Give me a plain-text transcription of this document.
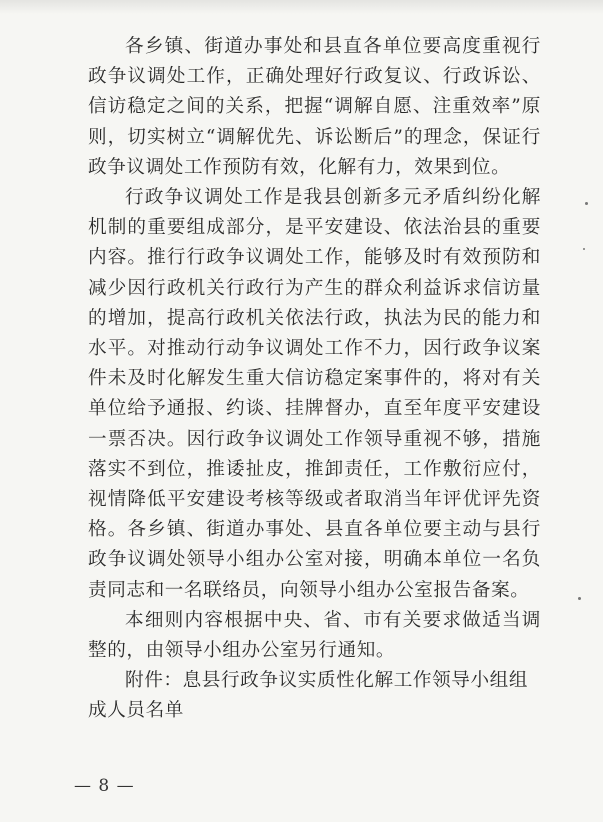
各乡镇、街道办事处和县直各单位要高度重视行政争议调处工作，正确处理好行政复议、行政诉讼、信访稳定之间的关系，把握“调解自愿、注重效率”原则，切实树立“调解优先、诉讼断后”的理念，保证行政争议调处工作预防有效，化解有力，效果到位。

行政争议调处工作是我县创新多元矛盾纠纷化解机制的重要组成部分，是平安建设、依法治县的重要内容。推行行政争议调处工作，能够及时有效预防和减少因行政机关行政行为产生的群众利益诉求信访量的增加，提高行政机关依法行政，执法为民的能力和水平。对推动行动争议调处工作不力，因行政争议案件未及时化解发生重大信访稳定案事件的，将对有关单位给予通报、约谈、挂牌督办，直至年度平安建设一票否决。因行政争议调处工作领导重视不够，措施落实不到位，推诿扯皮，推卸责任，工作敷衍应付，视情降低平安建设考核等级或者取消当年评优评先资格。各乡镇、街道办事处、县直各单位要主动与县行政争议调处领导小组办公室对接，明确本单位一名负责同志和一名联络员，向领导小组办公室报告备案。

本细则内容根据中央、省、市有关要求做适当调整的，由领导小组办公室另行通知。

附件：息县行政争议实质性化解工作领导小组组成人员名单

— 8 —
